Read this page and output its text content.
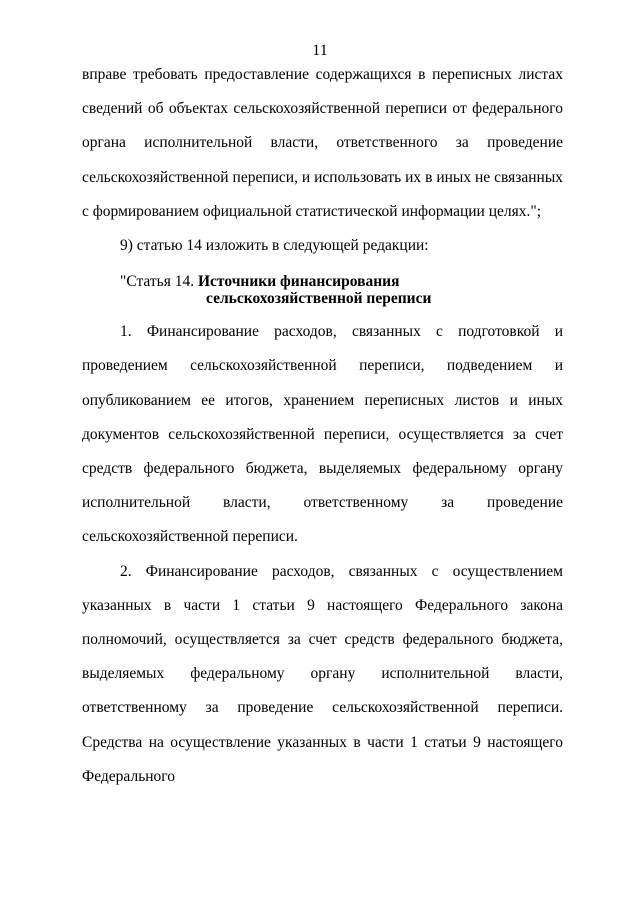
11

вправе требовать предоставление содержащихся в переписных листах сведений об объектах сельскохозяйственной переписи от федерального органа исполнительной власти, ответственного за проведение сельскохозяйственной переписи, и использовать их в иных не связанных с формированием официальной статистической информации целях.";

9) статью 14 изложить в следующей редакции:

"Статья 14. Источники финансирования
сельскохозяйственной переписи

1. Финансирование расходов, связанных с подготовкой и проведением сельскохозяйственной переписи, подведением и опубликованием ее итогов, хранением переписных листов и иных документов сельскохозяйственной переписи, осуществляется за счет средств федерального бюджета, выделяемых федеральному органу исполнительной власти, ответственному за проведение сельскохозяйственной переписи.

2. Финансирование расходов, связанных с осуществлением указанных в части 1 статьи 9 настоящего Федерального закона полномочий, осуществляется за счет средств федерального бюджета, выделяемых федеральному органу исполнительной власти, ответственному за проведение сельскохозяйственной переписи. Средства на осуществление указанных в части 1 статьи 9 настоящего Федерального
